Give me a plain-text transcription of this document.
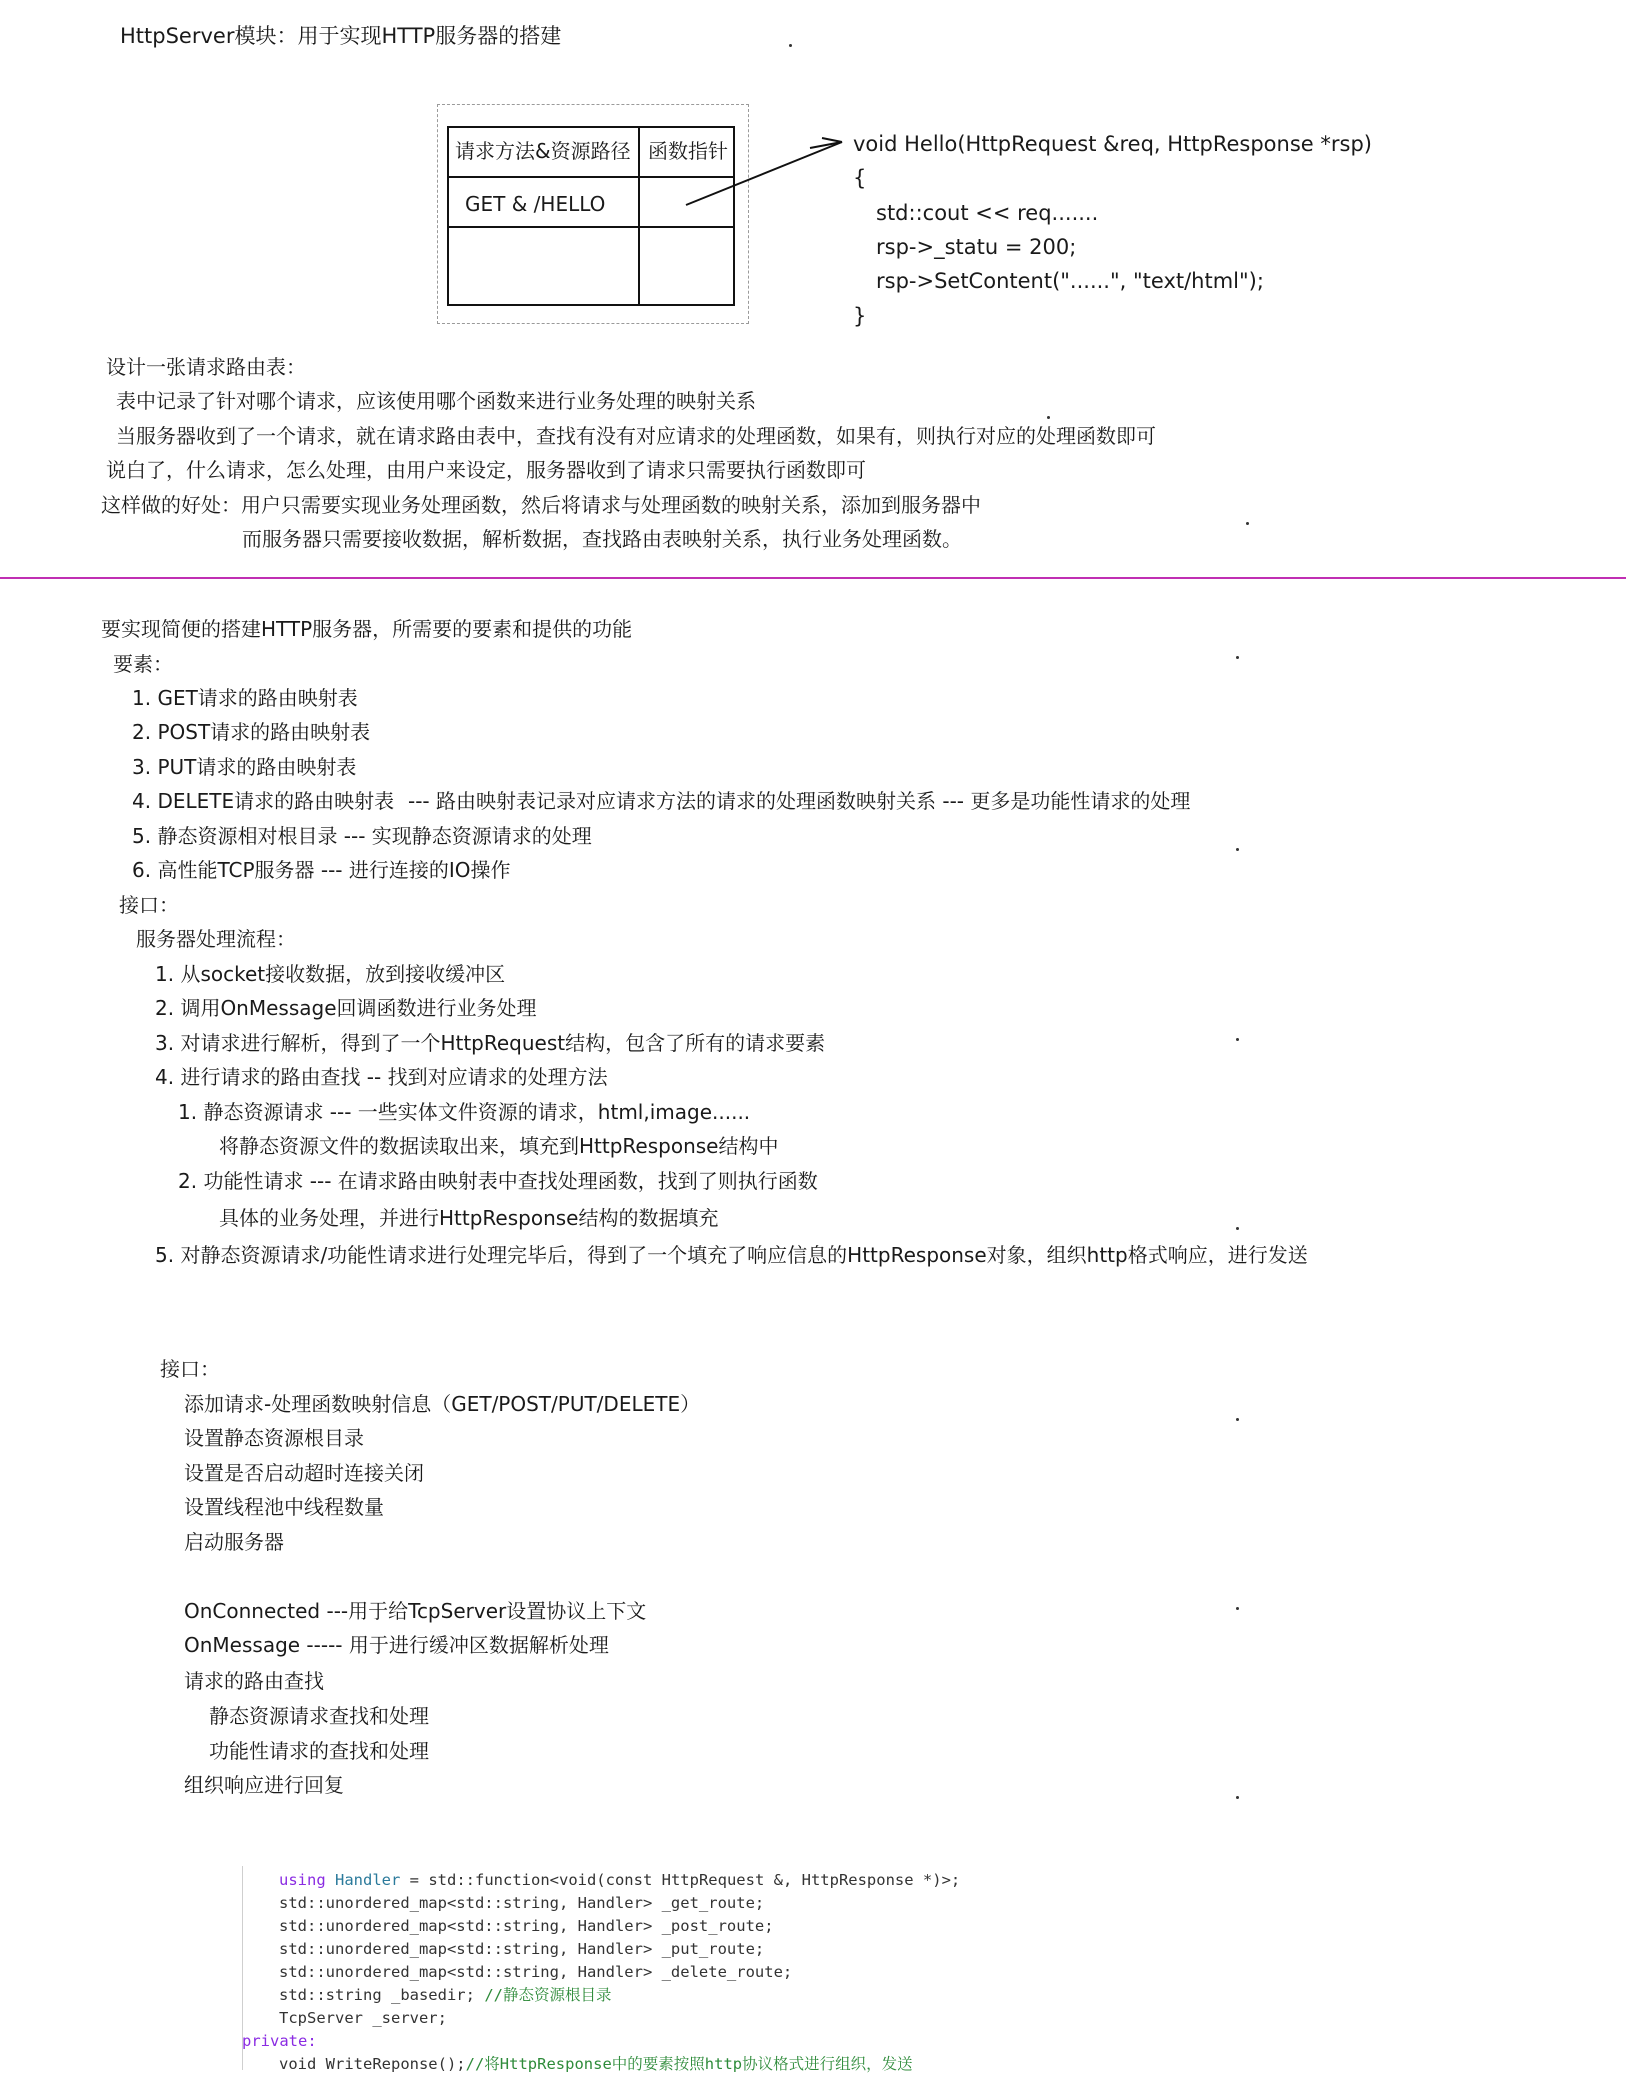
HttpServer模块：用于实现HTTP服务器的搭建
请求方法&资源路径 函数指针
GET & /HELLO
void Hello(HttpRequest &req, HttpResponse *rsp)
{
std::cout << req.......
rsp->_statu = 200;
rsp->SetContent("......", "text/html");
}
设计一张请求路由表：
表中记录了针对哪个请求，应该使用哪个函数来进行业务处理的映射关系
当服务器收到了一个请求，就在请求路由表中，查找有没有对应请求的处理函数，如果有，则执行对应的处理函数即可
说白了，什么请求，怎么处理，由用户来设定，服务器收到了请求只需要执行函数即可
这样做的好处：用户只需要实现业务处理函数，然后将请求与处理函数的映射关系，添加到服务器中
而服务器只需要接收数据，解析数据，查找路由表映射关系，执行业务处理函数。
要实现简便的搭建HTTP服务器，所需要的要素和提供的功能
要素：
1. GET请求的路由映射表
2. POST请求的路由映射表
3. PUT请求的路由映射表
4. DELETE请求的路由映射表 --- 路由映射表记录对应请求方法的请求的处理函数映射关系 --- 更多是功能性请求的处理
5. 静态资源相对根目录 --- 实现静态资源请求的处理
6. 高性能TCP服务器 --- 进行连接的IO操作
接口：
服务器处理流程：
1. 从socket接收数据，放到接收缓冲区
2. 调用OnMessage回调函数进行业务处理
3. 对请求进行解析，得到了一个HttpRequest结构，包含了所有的请求要素
4. 进行请求的路由查找 -- 找到对应请求的处理方法
1. 静态资源请求 --- 一些实体文件资源的请求，html,image......
将静态资源文件的数据读取出来，填充到HttpResponse结构中
2. 功能性请求 --- 在请求路由映射表中查找处理函数，找到了则执行函数
具体的业务处理，并进行HttpResponse结构的数据填充
5. 对静态资源请求/功能性请求进行处理完毕后，得到了一个填充了响应信息的HttpResponse对象，组织http格式响应，进行发送
接口：
添加请求-处理函数映射信息（GET/POST/PUT/DELETE）
设置静态资源根目录
设置是否启动超时连接关闭
设置线程池中线程数量
启动服务器
OnConnected ---用于给TcpServer设置协议上下文
OnMessage ----- 用于进行缓冲区数据解析处理
请求的路由查找
静态资源请求查找和处理
功能性请求的查找和处理
组织响应进行回复
using Handler = std::function<void(const HttpRequest &, HttpResponse *)>;
std::unordered_map<std::string, Handler> _get_route;
std::unordered_map<std::string, Handler> _post_route;
std::unordered_map<std::string, Handler> _put_route;
std::unordered_map<std::string, Handler> _delete_route;
std::string _basedir; //静态资源根目录
TcpServer _server;
private:
void WriteReponse();//将HttpResponse中的要素按照http协议格式进行组织，发送
